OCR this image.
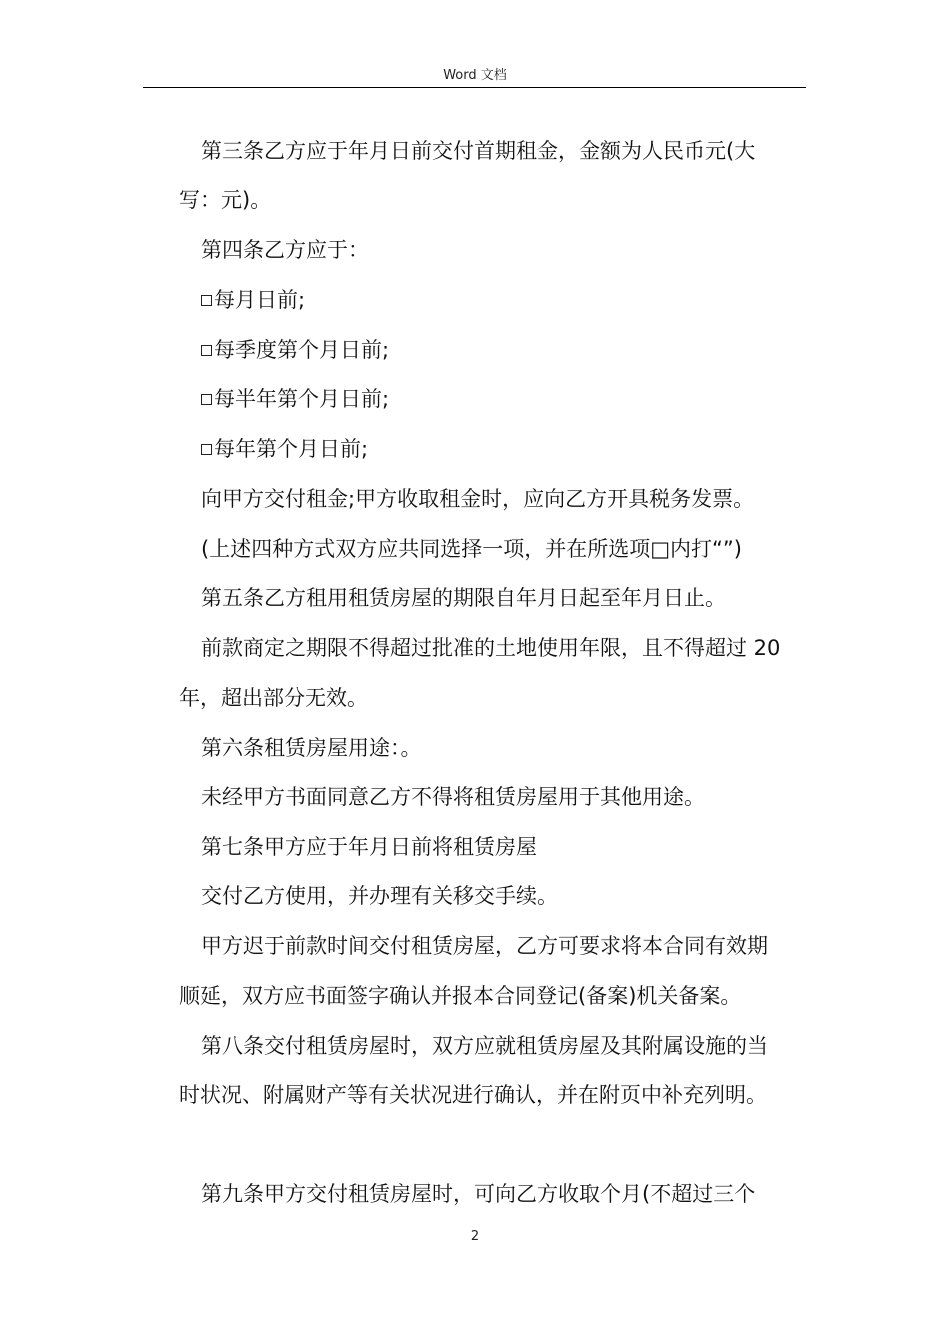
Word 文档
第三条乙方应于年月日前交付首期租金，金额为人民币元(大
写：元)。
第四条乙方应于：
每月日前;
每季度第个月日前;
每半年第个月日前;
每年第个月日前;
向甲方交付租金;甲方收取租金时，应向乙方开具税务发票。
(上述四种方式双方应共同选择一项，并在所选项□内打“”)
第五条乙方租用租赁房屋的期限自年月日起至年月日止。
前款商定之期限不得超过批准的土地使用年限，且不得超过 20
年，超出部分无效。
第六条租赁房屋用途：。
未经甲方书面同意乙方不得将租赁房屋用于其他用途。
第七条甲方应于年月日前将租赁房屋
交付乙方使用，并办理有关移交手续。
甲方迟于前款时间交付租赁房屋，乙方可要求将本合同有效期
顺延，双方应书面签字确认并报本合同登记(备案)机关备案。
第八条交付租赁房屋时，双方应就租赁房屋及其附属设施的当
时状况、附属财产等有关状况进行确认，并在附页中补充列明。
第九条甲方交付租赁房屋时，可向乙方收取个月(不超过三个
2
